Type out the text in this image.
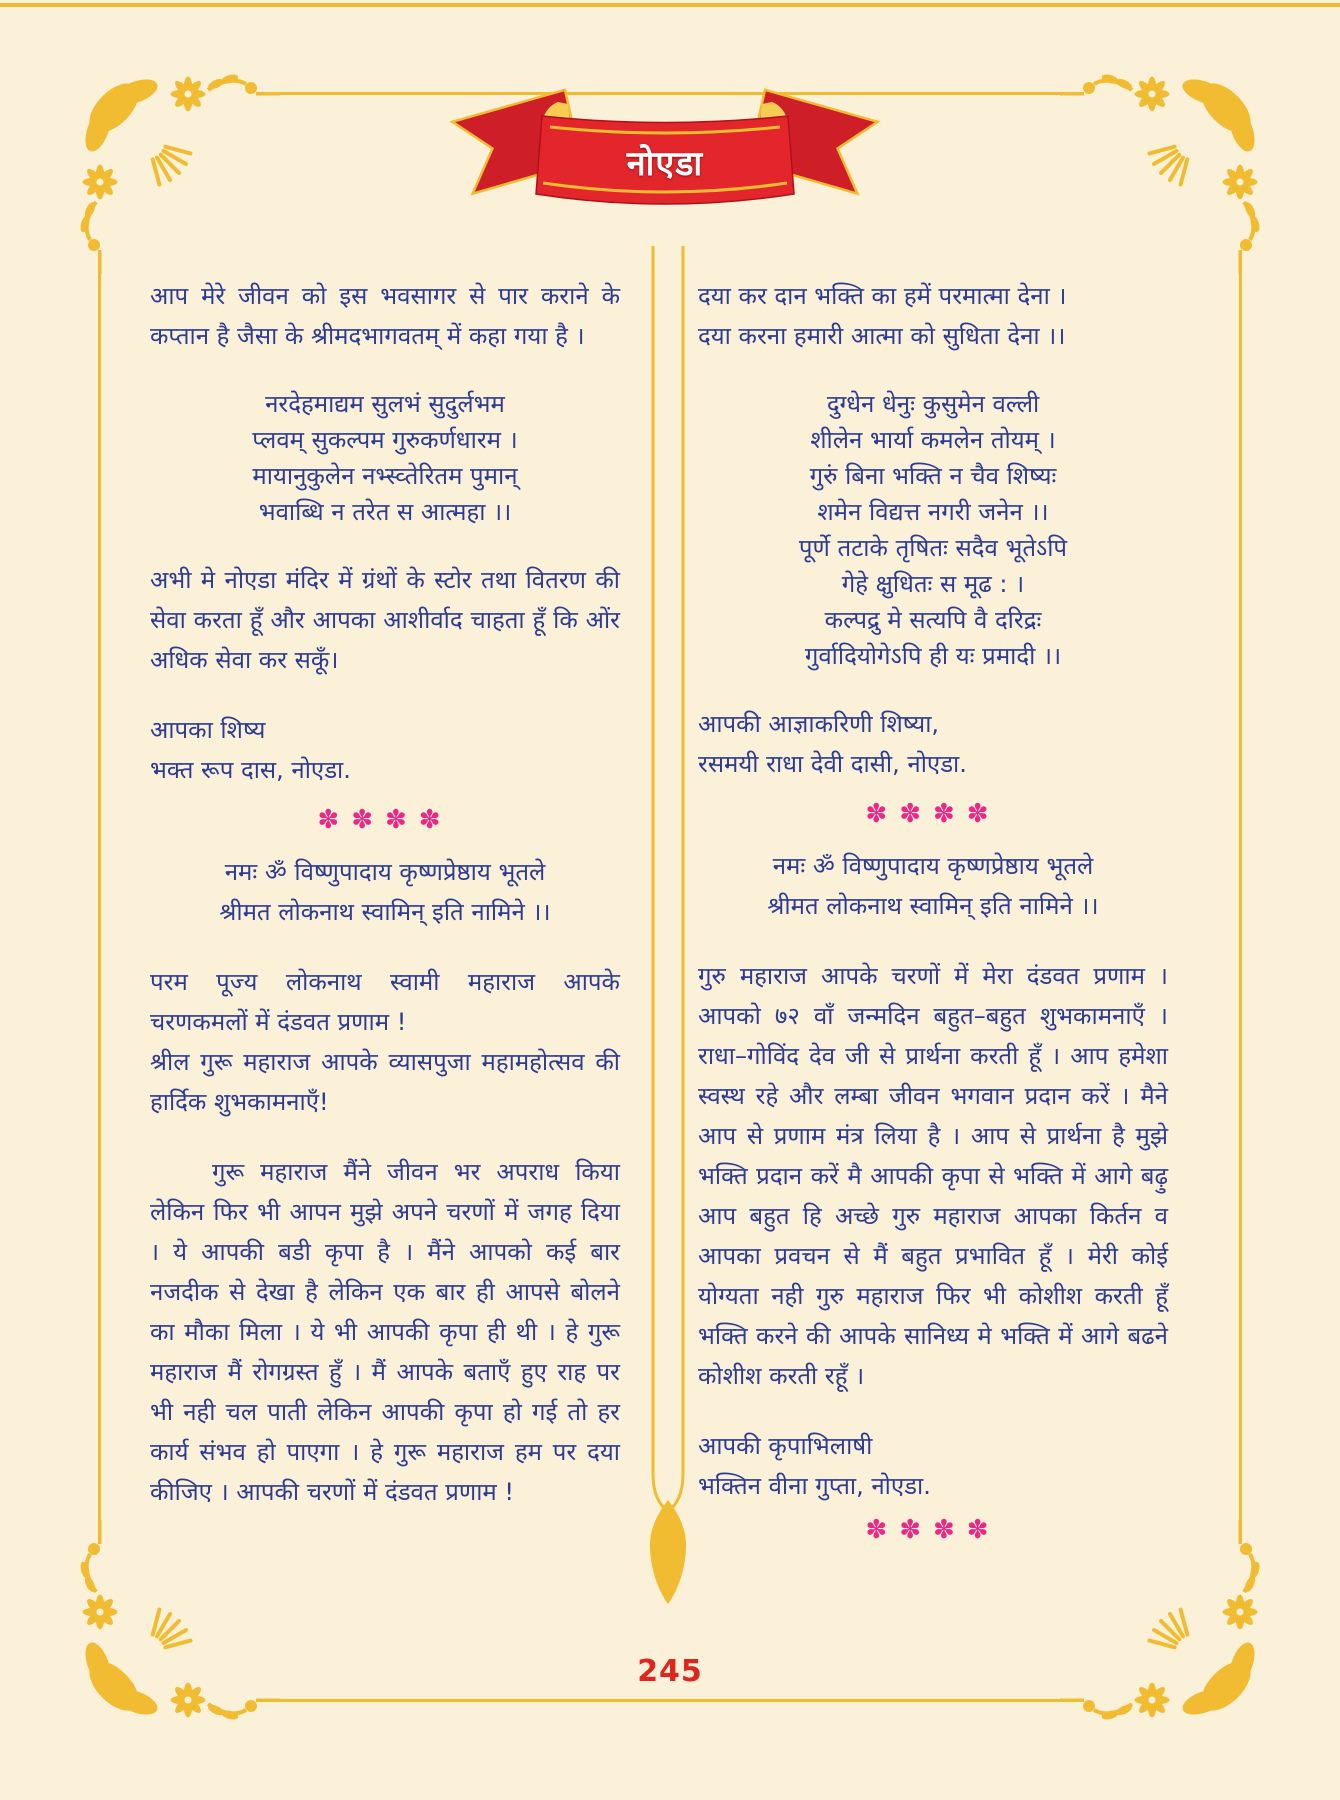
नोएडा

आप मेरे जीवन को इस भवसागर से पार कराने के कप्तान है जैसा के श्रीमदभागवतम् में कहा गया है ।

नरदेहमाद्यम सुलभं सुदुर्लभम

प्लवम् सुकल्पम गुरुकर्णधारम ।

मायानुकुलेन नभ्स्व्तेरितम पुमान्

भवाब्धि न तरेत स आत्महा ।।

अभी मे नोएडा मंदिर में ग्रंथों के स्टोर तथा वितरण की सेवा करता हूँ और आपका आशीर्वाद चाहता हूँ कि ओंर अधिक सेवा कर सकूँ।

आपका शिष्य

भक्त रूप दास, नोएडा.

✽✽✽✽

नमः ॐ विष्णुपादाय कृष्णप्रेष्ठाय भूतले

श्रीमत लोकनाथ स्वामिन् इति नामिने ।।

परम पूज्य लोकनाथ स्वामी महाराज आपके चरणकमलों में दंडवत प्रणाम !

श्रील गुरू महाराज आपके व्यासपुजा महामहोत्सव की हार्दिक शुभकामनाएँ!

गुरू महाराज मैंने जीवन भर अपराध किया लेकिन फिर भी आपन मुझे अपने चरणों में जगह दिया । ये आपकी बडी कृपा है । मैंने आपको कई बार नजदीक से देखा है लेकिन एक बार ही आपसे बोलने का मौका मिला । ये भी आपकी कृपा ही थी । हे गुरू महाराज मैं रोगग्रस्त हुँ । मैं आपके बताएँ हुए राह पर भी नही चल पाती लेकिन आपकी कृपा हो गई तो हर कार्य संभव हो पाएगा । हे गुरू महाराज हम पर दया कीजिए । आपकी चरणों में दंडवत प्रणाम !

दया कर दान भक्ति का हमें परमात्मा देना ।

दया करना हमारी आत्मा को सुधिता देना ।।

दुग्धेन धेनुः कुसुमेन वल्ली

शीलेन भार्या कमलेन तोयम् ।

गुरुं बिना भक्ति न चैव शिष्यः

शमेन विद्यत्त नगरी जनेन ।।

पूर्णे तटाके तृषितः सदैव भूतेऽपि

गेहे क्षुधितः स मूढ : ।

कल्पद्रु मे सत्यपि वै दरिद्रः

गुर्वादियोगेऽपि ही यः प्रमादी ।।

आपकी आज्ञाकरिणी शिष्या,

रसमयी राधा देवी दासी, नोएडा.

✽✽✽✽

नमः ॐ विष्णुपादाय कृष्णप्रेष्ठाय भूतले

श्रीमत लोकनाथ स्वामिन् इति नामिने ।।

गुरु महाराज आपके चरणों में मेरा दंडवत प्रणाम । आपको ७२ वाँ जन्मदिन बहुत–बहुत शुभकामनाएँ । राधा–गोविंद देव जी से प्रार्थना करती हूँ । आप हमेशा स्वस्थ रहे और लम्बा जीवन भगवान प्रदान करें । मैने आप से प्रणाम मंत्र लिया है । आप से प्रार्थना है मुझे भक्ति प्रदान करें मै आपकी कृपा से भक्ति में आगे बढ़ु आप बहुत हि अच्छे गुरु महाराज आपका किर्तन व आपका प्रवचन से मैं बहुत प्रभावित हूँ । मेरी कोई योग्यता नही गुरु महाराज फिर भी कोशीश करती हूँ भक्ति करने की आपके सानिध्य मे भक्ति में आगे बढने कोशीश करती रहूँ ।

आपकी कृपाभिलाषी

भक्तिन वीना गुप्ता, नोएडा.

✽✽✽✽

245
